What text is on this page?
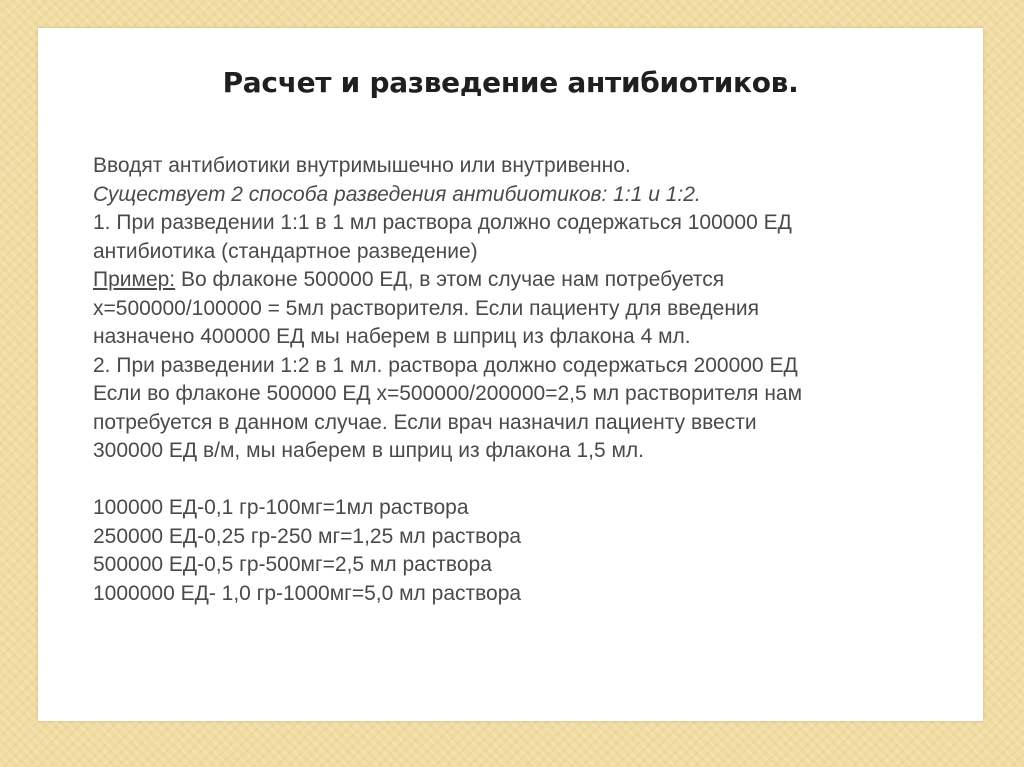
Расчет и разведение антибиотиков.
Вводят антибиотики внутримышечно или внутривенно.
Существует 2 способа разведения антибиотиков: 1:1 и 1:2.
1. При разведении 1:1 в 1 мл раствора должно содержаться 100000 ЕД
антибиотика (стандартное разведение)
Пример: Во флаконе 500000 ЕД, в этом случае нам потребуется
х=500000/100000 = 5мл растворителя. Если пациенту для введения
назначено 400000 ЕД мы наберем в шприц из флакона 4 мл.
2. При разведении 1:2 в 1 мл. раствора должно содержаться 200000 ЕД
Если во флаконе 500000 ЕД х=500000/200000=2,5 мл растворителя нам
потребуется в данном случае. Если врач назначил пациенту ввести
300000 ЕД в/м, мы наберем в шприц из флакона 1,5 мл.
100000 ЕД-0,1 гр-100мг=1мл раствора
250000 ЕД-0,25 гр-250 мг=1,25 мл раствора
500000 ЕД-0,5 гр-500мг=2,5 мл раствора
1000000 ЕД- 1,0 гр-1000мг=5,0 мл раствора
